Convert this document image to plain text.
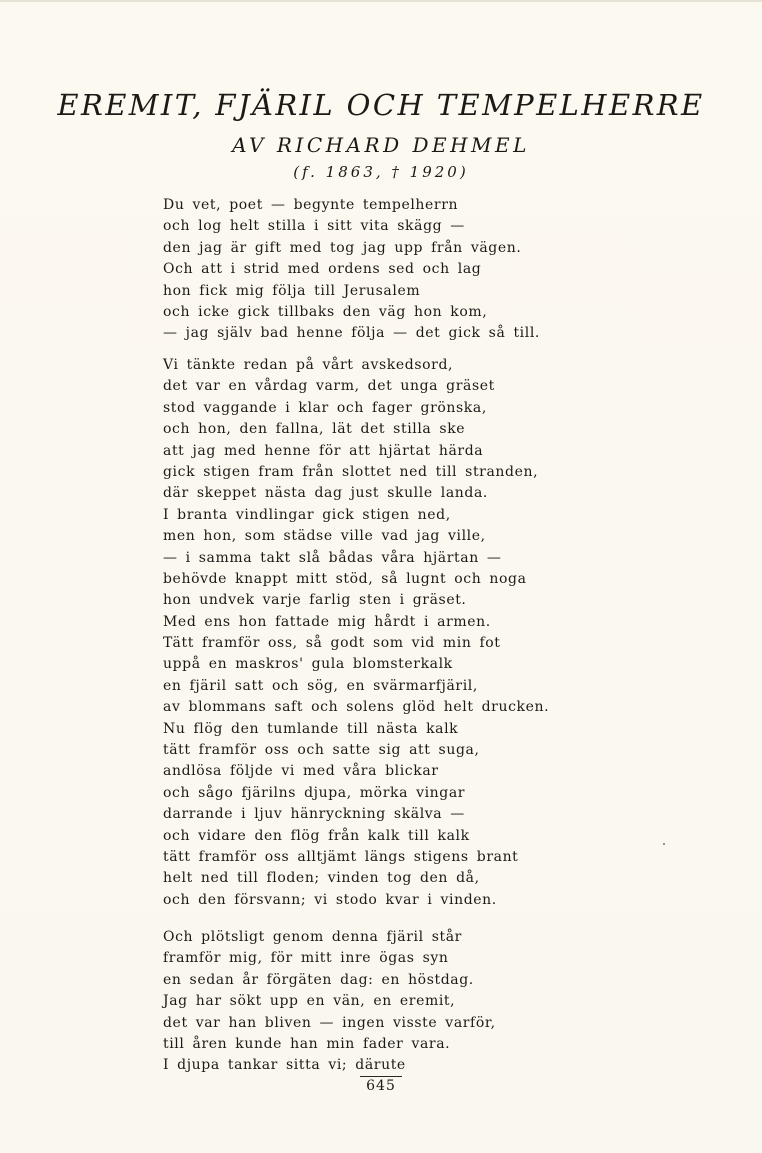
EREMIT, FJÄRIL OCH TEMPELHERRE
AV RICHARD DEHMEL
(f. 1863, † 1920)
Du vet, poet — begynte tempelherrn
och log helt stilla i sitt vita skägg —
den jag är gift med tog jag upp från vägen.
Och att i strid med ordens sed och lag
hon fick mig följa till Jerusalem
och icke gick tillbaks den väg hon kom,
— jag själv bad henne följa — det gick så till.
Vi tänkte redan på vårt avskedsord,
det var en vårdag varm, det unga gräset
stod vaggande i klar och fager grönska,
och hon, den fallna, lät det stilla ske
att jag med henne för att hjärtat härda
gick stigen fram från slottet ned till stranden,
där skeppet nästa dag just skulle landa.
I branta vindlingar gick stigen ned,
men hon, som städse ville vad jag ville,
— i samma takt slå bådas våra hjärtan —
behövde knappt mitt stöd, så lugnt och noga
hon undvek varje farlig sten i gräset.
Med ens hon fattade mig hårdt i armen.
Tätt framför oss, så godt som vid min fot
uppå en maskros' gula blomsterkalk
en fjäril satt och sög, en svärmarfjäril,
av blommans saft och solens glöd helt drucken.
Nu flög den tumlande till nästa kalk
tätt framför oss och satte sig att suga,
andlösa följde vi med våra blickar
och sågo fjärilns djupa, mörka vingar
darrande i ljuv hänryckning skälva —
och vidare den flög från kalk till kalk
tätt framför oss alltjämt längs stigens brant
helt ned till floden; vinden tog den då,
och den försvann; vi stodo kvar i vinden.
Och plötsligt genom denna fjäril står
framför mig, för mitt inre ögas syn
en sedan år förgäten dag: en höstdag.
Jag har sökt upp en vän, en eremit,
det var han bliven — ingen visste varför,
till åren kunde han min fader vara.
I djupa tankar sitta vi; därute
645
